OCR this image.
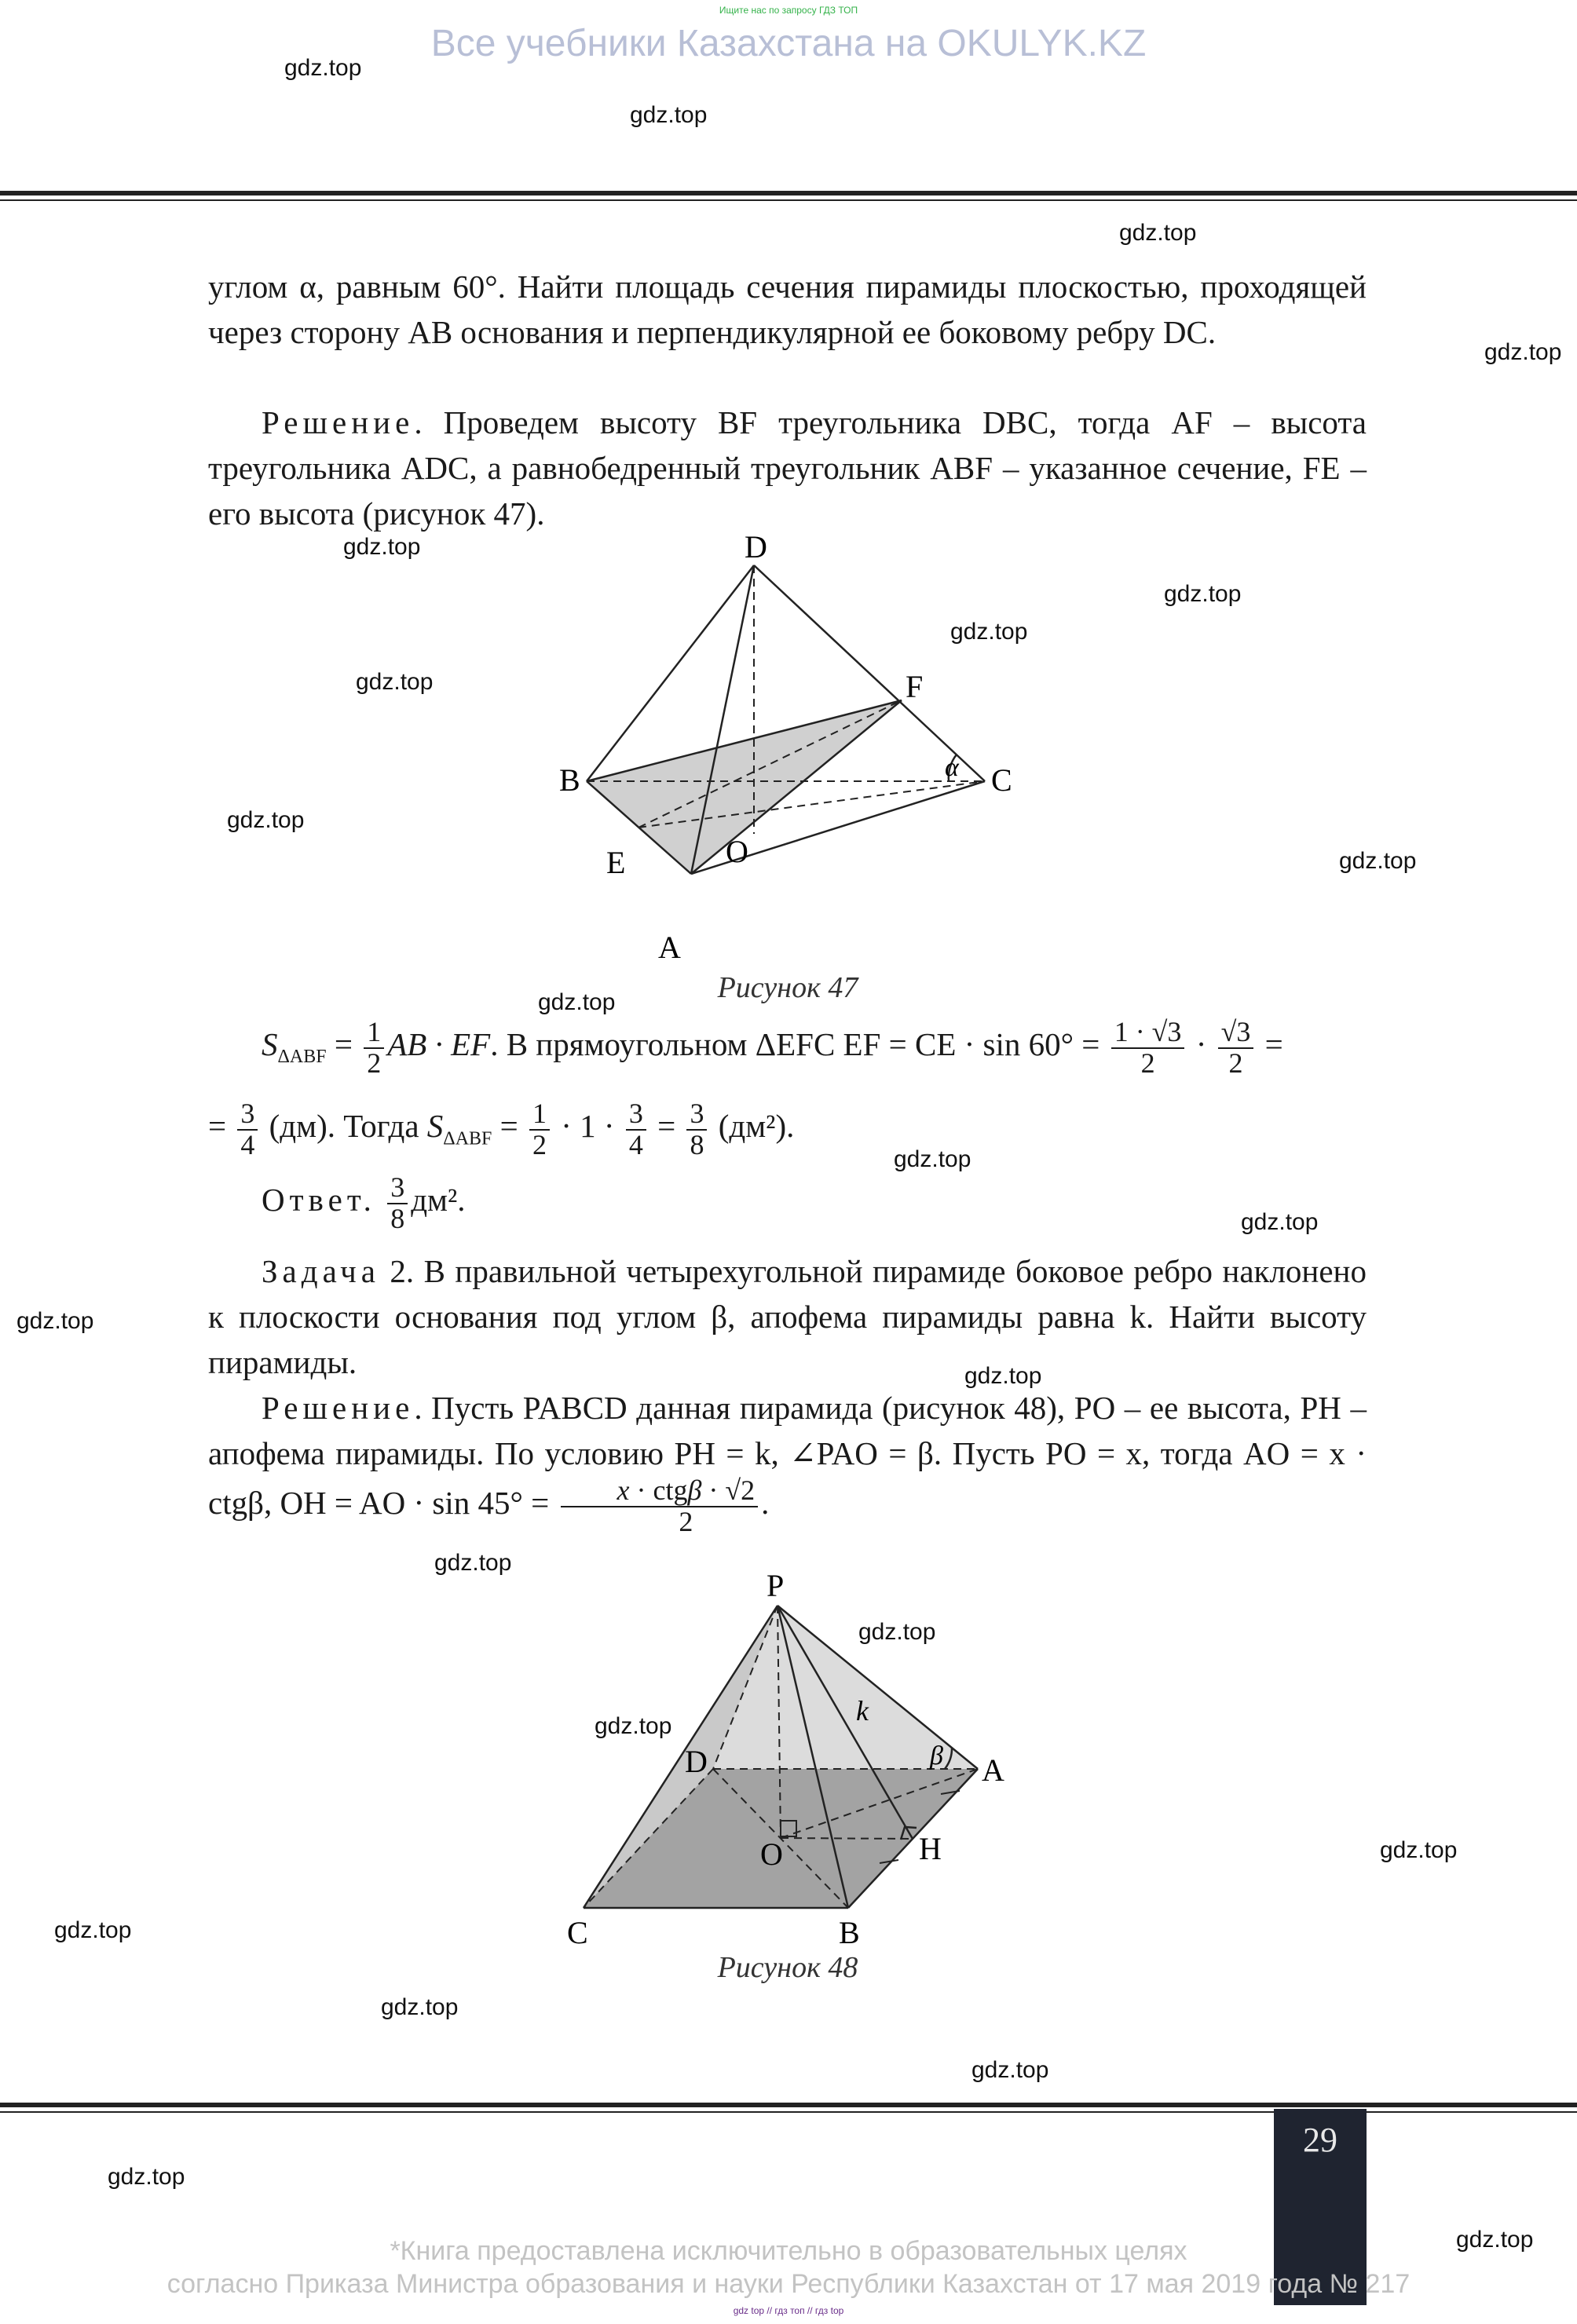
Ищите нас по запросу ГДЗ ТОП
Все учебники Казахстана на OKULYK.KZ
gdz.top
gdz.top
gdz.top
gdz.top
gdz.top
gdz.top
gdz.top
gdz.top
gdz.top
gdz.top
gdz.top
gdz.top
gdz.top
gdz.top
gdz.top
gdz.top
gdz.top
gdz.top
gdz.top
gdz.top
gdz.top
gdz.top
gdz.top
gdz.top
углом α, равным 60°. Найти площадь сечения пирамиды плоскостью, проходящей через сторону AB основания и перпендикулярной ее боковому ребру DC.
Решение. Проведем высоту BF треугольника DBC, тогда AF – высота треугольника ADC, а равнобедренный треугольник ABF – указанное сечение, FE – его высота (рисунок 47).
D
F
B	C
E	O
A
α
Рисунок 47
$S_{\Delta ABF} = \frac{1}{2}$ AB · EF. В прямоугольном ΔEFC EF = CE · $\sin 60^\circ = \frac{1 \cdot √3}{2} \cdot \frac{√3}{2}$ =
= $\frac{3}{4} (дм)$. Тогда $S_{\Delta ABF} = \frac{1}{2} \cdot 1 \cdot \frac{3}{4} = \frac{3}{8} (дм^2)$.
Ответ. $\frac{3}{8} дм^2$.
Задача 2. В правильной четырехугольной пирамиде боковое ребро наклонено к плоскости основания под углом β, апофема пирамиды равна k. Найти высоту пирамиды.
Решение. Пусть PABCD данная пирамида (рисунок 48), PO – ее высота, PH – апофема пирамиды. По условию PH = k, ∠PAO = β. Пусть PO = x, тогда AO = x · ctgβ, OH = AO · $\sin 45^\circ = \frac{\text{x · ctgβ · √2}}{2}$ .
P
k
D	A
β
O	H
C	B
Рисунок 48
29
*Книга предоставлена исключительно в образовательных целях
согласно Приказа Министра образования и науки Республики Казахстан от 17 мая 2019 года № 217
gdz top // гдз топ // гдз top
